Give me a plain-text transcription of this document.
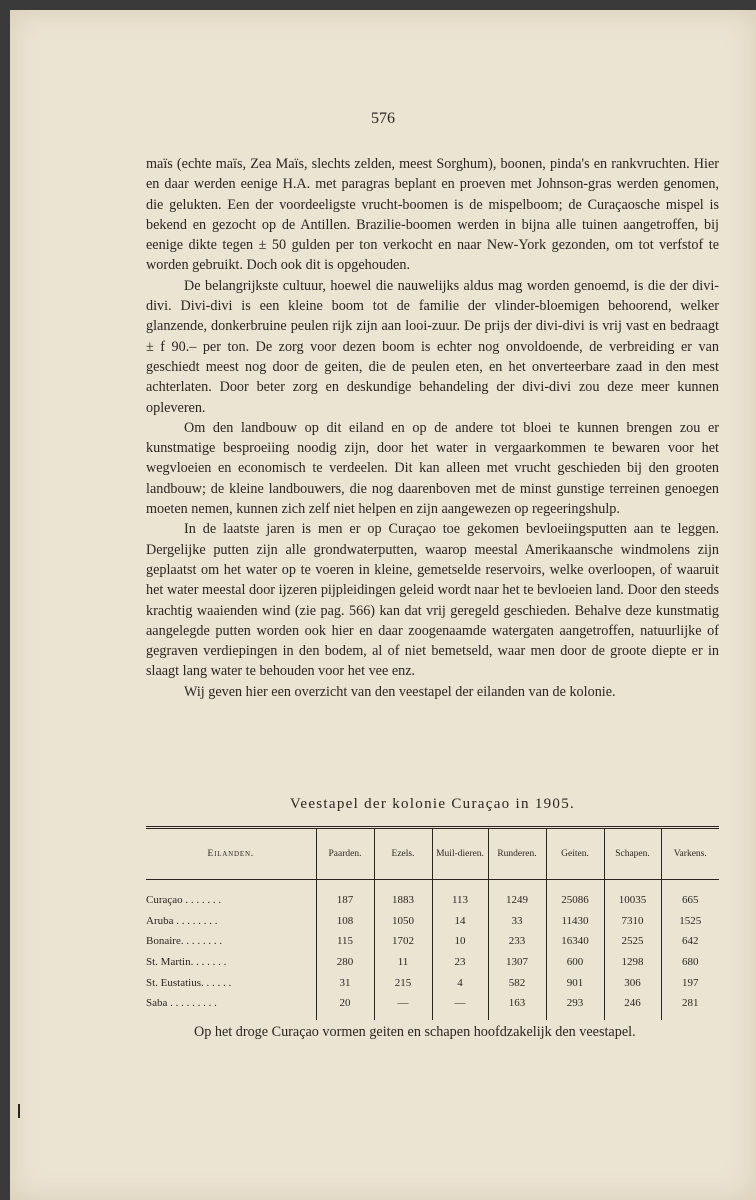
576

maïs (echte maïs, Zea Maïs, slechts zelden, meest Sorghum), boonen, pinda's en rankvruchten. Hier en daar werden eenige H.A. met paragras beplant en proeven met Johnson-gras werden genomen, die gelukten. Een der voordeeligste vrucht-boomen is de mispelboom; de Curaçaosche mispel is bekend en gezocht op de Antillen. Brazilie-boomen werden in bijna alle tuinen aangetroffen, bij eenige dikte tegen ± 50 gulden per ton verkocht en naar New-York gezonden, om tot verfstof te worden gebruikt. Doch ook dit is opgehouden.

De belangrijkste cultuur, hoewel die nauwelijks aldus mag worden genoemd, is die der divi-divi. Divi-divi is een kleine boom tot de familie der vlinder-bloemigen behoorend, welker glanzende, donkerbruine peulen rijk zijn aan looi-zuur. De prijs der divi-divi is vrij vast en bedraagt ± f 90.– per ton. De zorg voor dezen boom is echter nog onvoldoende, de verbreiding er van geschiedt meest nog door de geiten, die de peulen eten, en het onverteerbare zaad in den mest achterlaten. Door beter zorg en deskundige behandeling der divi-divi zou deze meer kunnen opleveren.

Om den landbouw op dit eiland en op de andere tot bloei te kunnen brengen zou er kunstmatige besproeiing noodig zijn, door het water in vergaarkommen te bewaren voor het wegvloeien en economisch te verdeelen. Dit kan alleen met vrucht geschieden bij den grooten landbouw; de kleine landbouwers, die nog daarenboven met de minst gunstige terreinen genoegen moeten nemen, kunnen zich zelf niet helpen en zijn aangewezen op regeeringshulp.

In de laatste jaren is men er op Curaçao toe gekomen bevloeiingsputten aan te leggen. Dergelijke putten zijn alle grondwaterputten, waarop meestal Amerikaansche windmolens zijn geplaatst om het water op te voeren in kleine, gemetselde reservoirs, welke overloopen, of waaruit het water meestal door ijzeren pijpleidingen geleid wordt naar het te bevloeien land. Door den steeds krachtig waaienden wind (zie pag. 566) kan dat vrij geregeld geschieden. Behalve deze kunstmatig aangelegde putten worden ook hier en daar zoogenaamde watergaten aangetroffen, natuurlijke of gegraven verdiepingen in den bodem, al of niet bemetseld, waar men door de groote diepte er in slaagt lang water te behouden voor het vee enz.

Wij geven hier een overzicht van den veestapel der eilanden van de kolonie.

Veestapel der kolonie Curaçao in 1905.
Eilanden.	Paarden.	Ezels.	Muil-dieren.	Runderen.	Geiten.	Schapen.	Varkens.

Curaçao . . . . . . .	187	1883	113	1249	25086	10035	665
Aruba . . . . . . . .	108	1050	14	33	11430	7310	1525
Bonaire. . . . . . . .	115	1702	10	233	16340	2525	642
St. Martin. . . . . . .	280	11	23	1307	600	1298	680
St. Eustatius. . . . . .	31	215	4	582	901	306	197
Saba . . . . . . . . .	20	—	—	163	293	246	281
Op het droge Curaçao vormen geiten en schapen hoofdzakelijk den veestapel.
